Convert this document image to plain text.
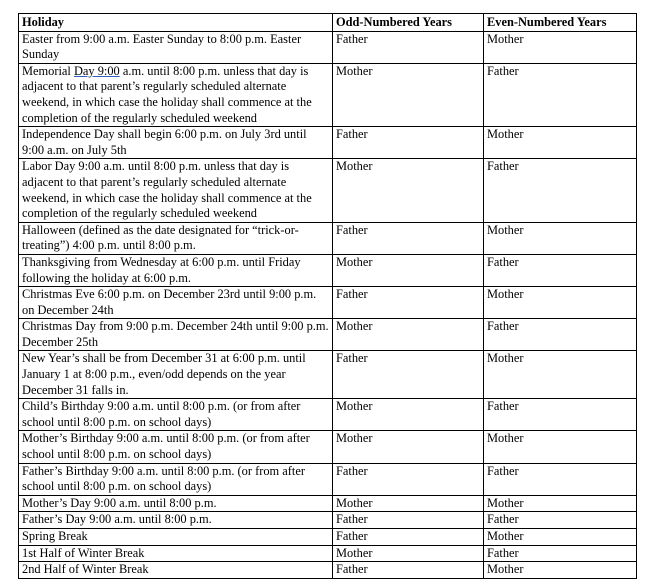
Holiday	Odd-Numbered Years	Even-Numbered Years
Easter from 9:00 a.m. Easter Sunday to 8:00 p.m. Easter Sunday	Father	Mother
Memorial Day 9:00 a.m. until 8:00 p.m. unless that day is adjacent to that parent’s regularly scheduled alternate weekend, in which case the holiday shall commence at the completion of the regularly scheduled weekend	Mother	Father
Independence Day shall begin 6:00 p.m. on July 3rd until 9:00 a.m. on July 5th	Father	Mother
Labor Day 9:00 a.m. until 8:00 p.m. unless that day is adjacent to that parent’s regularly scheduled alternate weekend, in which case the holiday shall commence at the completion of the regularly scheduled weekend	Mother	Father
Halloween (defined as the date designated for “trick-or-treating”) 4:00 p.m. until 8:00 p.m.	Father	Mother
Thanksgiving from Wednesday at 6:00 p.m. until Friday following the holiday at 6:00 p.m.	Mother	Father
Christmas Eve 6:00 p.m. on December 23rd until 9:00 p.m. on December 24th	Father	Mother
Christmas Day from 9:00 p.m. December 24th until 9:00 p.m. December 25th	Mother	Father
New Year’s shall be from December 31 at 6:00 p.m. until January 1 at 8:00 p.m., even/odd depends on the year December 31 falls in.	Father	Mother
Child’s Birthday 9:00 a.m. until 8:00 p.m. (or from after school until 8:00 p.m. on school days)	Mother	Father
Mother’s Birthday 9:00 a.m. until 8:00 p.m. (or from after school until 8:00 p.m. on school days)	Mother	Mother
Father’s Birthday 9:00 a.m. until 8:00 p.m. (or from after school until 8:00 p.m. on school days)	Father	Father
Mother’s Day 9:00 a.m. until 8:00 p.m.	Mother	Mother
Father’s Day 9:00 a.m. until 8:00 p.m.	Father	Father
Spring Break	Father	Mother
1st Half of Winter Break	Mother	Father
2nd Half of Winter Break	Father	Mother
